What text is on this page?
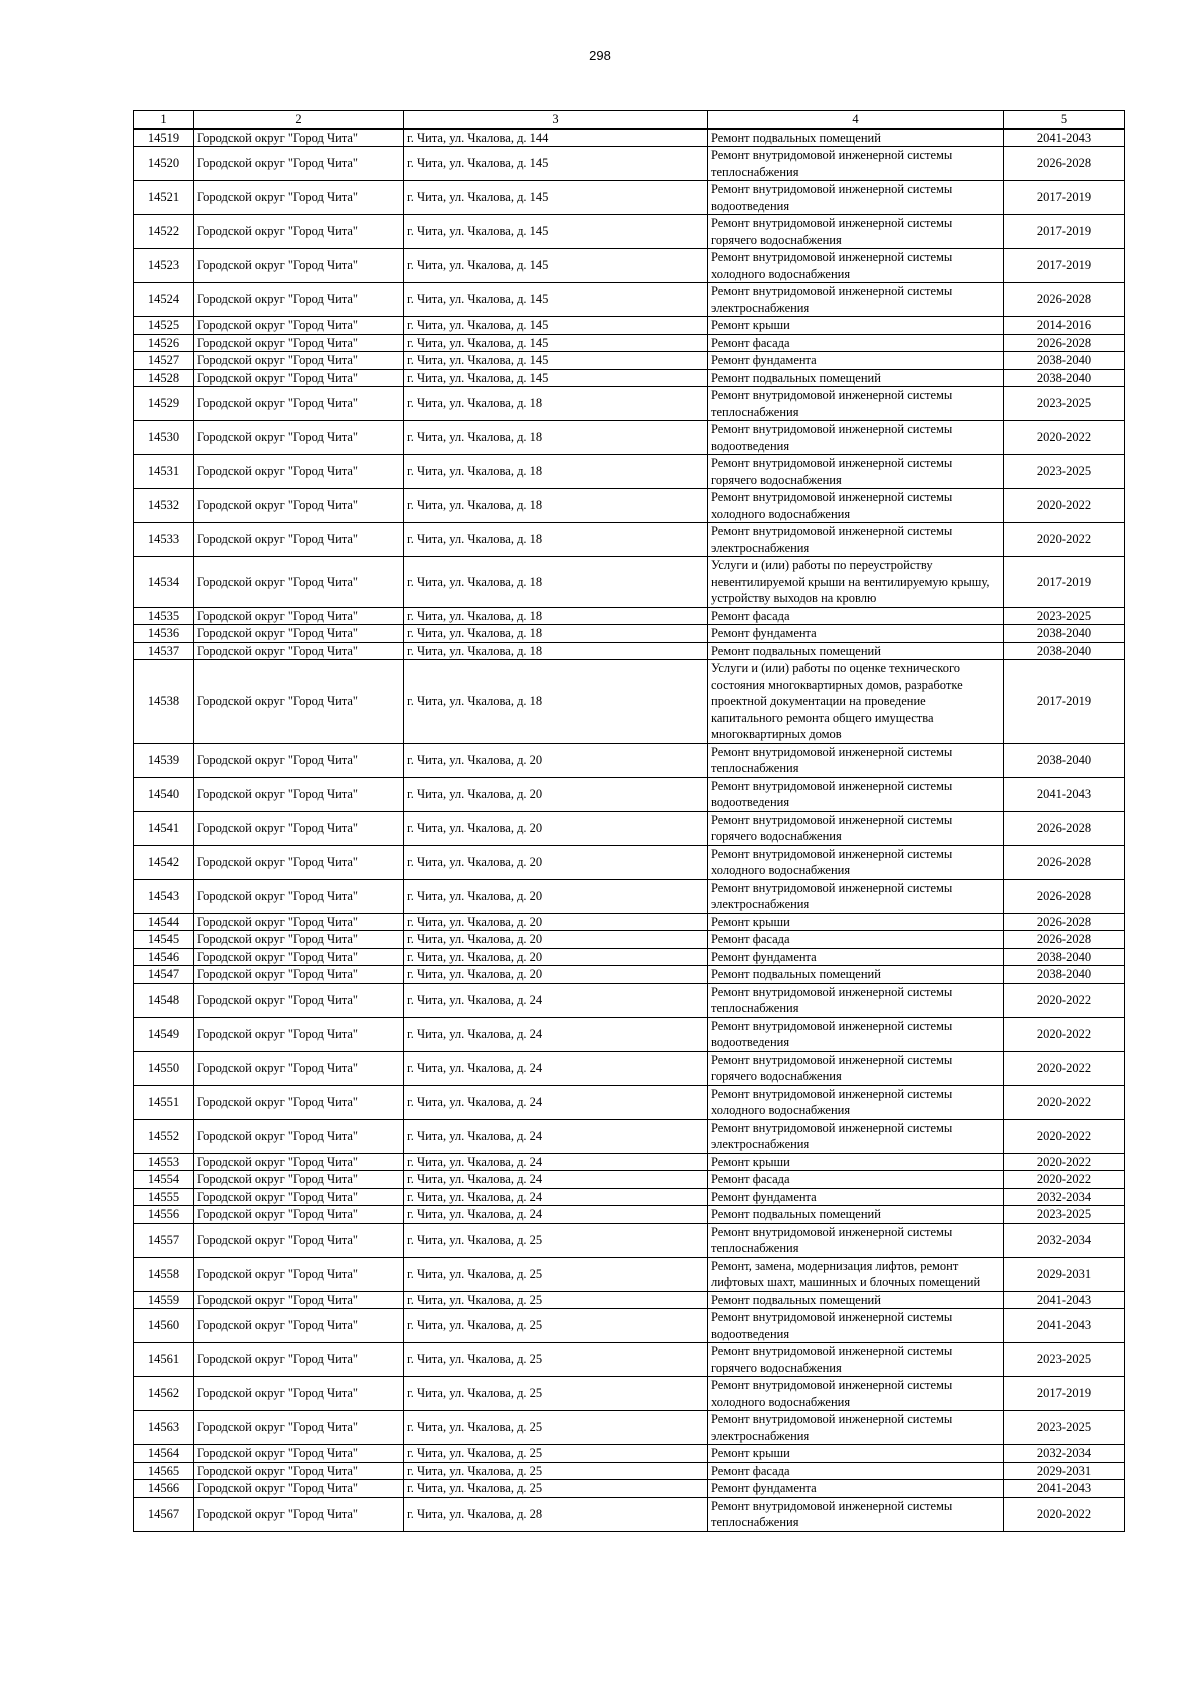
298
1	2	3	4	5
14519	Городской округ "Город Чита"	г. Чита, ул. Чкалова, д. 144	Ремонт подвальных помещений	2041-2043
14520	Городской округ "Город Чита"	г. Чита, ул. Чкалова, д. 145	Ремонт внутридомовой инженерной системы теплоснабжения	2026-2028
14521	Городской округ "Город Чита"	г. Чита, ул. Чкалова, д. 145	Ремонт внутридомовой инженерной системы водоотведения	2017-2019
14522	Городской округ "Город Чита"	г. Чита, ул. Чкалова, д. 145	Ремонт внутридомовой инженерной системы горячего водоснабжения	2017-2019
14523	Городской округ "Город Чита"	г. Чита, ул. Чкалова, д. 145	Ремонт внутридомовой инженерной системы холодного водоснабжения	2017-2019
14524	Городской округ "Город Чита"	г. Чита, ул. Чкалова, д. 145	Ремонт внутридомовой инженерной системы электроснабжения	2026-2028
14525	Городской округ "Город Чита"	г. Чита, ул. Чкалова, д. 145	Ремонт крыши	2014-2016
14526	Городской округ "Город Чита"	г. Чита, ул. Чкалова, д. 145	Ремонт фасада	2026-2028
14527	Городской округ "Город Чита"	г. Чита, ул. Чкалова, д. 145	Ремонт фундамента	2038-2040
14528	Городской округ "Город Чита"	г. Чита, ул. Чкалова, д. 145	Ремонт подвальных помещений	2038-2040
14529	Городской округ "Город Чита"	г. Чита, ул. Чкалова, д. 18	Ремонт внутридомовой инженерной системы теплоснабжения	2023-2025
14530	Городской округ "Город Чита"	г. Чита, ул. Чкалова, д. 18	Ремонт внутридомовой инженерной системы водоотведения	2020-2022
14531	Городской округ "Город Чита"	г. Чита, ул. Чкалова, д. 18	Ремонт внутридомовой инженерной системы горячего водоснабжения	2023-2025
14532	Городской округ "Город Чита"	г. Чита, ул. Чкалова, д. 18	Ремонт внутридомовой инженерной системы холодного водоснабжения	2020-2022
14533	Городской округ "Город Чита"	г. Чита, ул. Чкалова, д. 18	Ремонт внутридомовой инженерной системы электроснабжения	2020-2022
14534	Городской округ "Город Чита"	г. Чита, ул. Чкалова, д. 18	Услуги и (или) работы по переустройству невентилируемой крыши на вентилируемую крышу, устройству выходов на кровлю	2017-2019
14535	Городской округ "Город Чита"	г. Чита, ул. Чкалова, д. 18	Ремонт фасада	2023-2025
14536	Городской округ "Город Чита"	г. Чита, ул. Чкалова, д. 18	Ремонт фундамента	2038-2040
14537	Городской округ "Город Чита"	г. Чита, ул. Чкалова, д. 18	Ремонт подвальных помещений	2038-2040
14538	Городской округ "Город Чита"	г. Чита, ул. Чкалова, д. 18	Услуги и (или) работы по оценке технического состояния многоквартирных домов, разработке проектной документации на проведение капитального ремонта общего имущества многоквартирных домов	2017-2019
14539	Городской округ "Город Чита"	г. Чита, ул. Чкалова, д. 20	Ремонт внутридомовой инженерной системы теплоснабжения	2038-2040
14540	Городской округ "Город Чита"	г. Чита, ул. Чкалова, д. 20	Ремонт внутридомовой инженерной системы водоотведения	2041-2043
14541	Городской округ "Город Чита"	г. Чита, ул. Чкалова, д. 20	Ремонт внутридомовой инженерной системы горячего водоснабжения	2026-2028
14542	Городской округ "Город Чита"	г. Чита, ул. Чкалова, д. 20	Ремонт внутридомовой инженерной системы холодного водоснабжения	2026-2028
14543	Городской округ "Город Чита"	г. Чита, ул. Чкалова, д. 20	Ремонт внутридомовой инженерной системы электроснабжения	2026-2028
14544	Городской округ "Город Чита"	г. Чита, ул. Чкалова, д. 20	Ремонт крыши	2026-2028
14545	Городской округ "Город Чита"	г. Чита, ул. Чкалова, д. 20	Ремонт фасада	2026-2028
14546	Городской округ "Город Чита"	г. Чита, ул. Чкалова, д. 20	Ремонт фундамента	2038-2040
14547	Городской округ "Город Чита"	г. Чита, ул. Чкалова, д. 20	Ремонт подвальных помещений	2038-2040
14548	Городской округ "Город Чита"	г. Чита, ул. Чкалова, д. 24	Ремонт внутридомовой инженерной системы теплоснабжения	2020-2022
14549	Городской округ "Город Чита"	г. Чита, ул. Чкалова, д. 24	Ремонт внутридомовой инженерной системы водоотведения	2020-2022
14550	Городской округ "Город Чита"	г. Чита, ул. Чкалова, д. 24	Ремонт внутридомовой инженерной системы горячего водоснабжения	2020-2022
14551	Городской округ "Город Чита"	г. Чита, ул. Чкалова, д. 24	Ремонт внутридомовой инженерной системы холодного водоснабжения	2020-2022
14552	Городской округ "Город Чита"	г. Чита, ул. Чкалова, д. 24	Ремонт внутридомовой инженерной системы электроснабжения	2020-2022
14553	Городской округ "Город Чита"	г. Чита, ул. Чкалова, д. 24	Ремонт крыши	2020-2022
14554	Городской округ "Город Чита"	г. Чита, ул. Чкалова, д. 24	Ремонт фасада	2020-2022
14555	Городской округ "Город Чита"	г. Чита, ул. Чкалова, д. 24	Ремонт фундамента	2032-2034
14556	Городской округ "Город Чита"	г. Чита, ул. Чкалова, д. 24	Ремонт подвальных помещений	2023-2025
14557	Городской округ "Город Чита"	г. Чита, ул. Чкалова, д. 25	Ремонт внутридомовой инженерной системы теплоснабжения	2032-2034
14558	Городской округ "Город Чита"	г. Чита, ул. Чкалова, д. 25	Ремонт, замена, модернизация лифтов, ремонт лифтовых шахт, машинных и блочных помещений	2029-2031
14559	Городской округ "Город Чита"	г. Чита, ул. Чкалова, д. 25	Ремонт подвальных помещений	2041-2043
14560	Городской округ "Город Чита"	г. Чита, ул. Чкалова, д. 25	Ремонт внутридомовой инженерной системы водоотведения	2041-2043
14561	Городской округ "Город Чита"	г. Чита, ул. Чкалова, д. 25	Ремонт внутридомовой инженерной системы горячего водоснабжения	2023-2025
14562	Городской округ "Город Чита"	г. Чита, ул. Чкалова, д. 25	Ремонт внутридомовой инженерной системы холодного водоснабжения	2017-2019
14563	Городской округ "Город Чита"	г. Чита, ул. Чкалова, д. 25	Ремонт внутридомовой инженерной системы электроснабжения	2023-2025
14564	Городской округ "Город Чита"	г. Чита, ул. Чкалова, д. 25	Ремонт крыши	2032-2034
14565	Городской округ "Город Чита"	г. Чита, ул. Чкалова, д. 25	Ремонт фасада	2029-2031
14566	Городской округ "Город Чита"	г. Чита, ул. Чкалова, д. 25	Ремонт фундамента	2041-2043
14567	Городской округ "Город Чита"	г. Чита, ул. Чкалова, д. 28	Ремонт внутридомовой инженерной системы теплоснабжения	2020-2022
